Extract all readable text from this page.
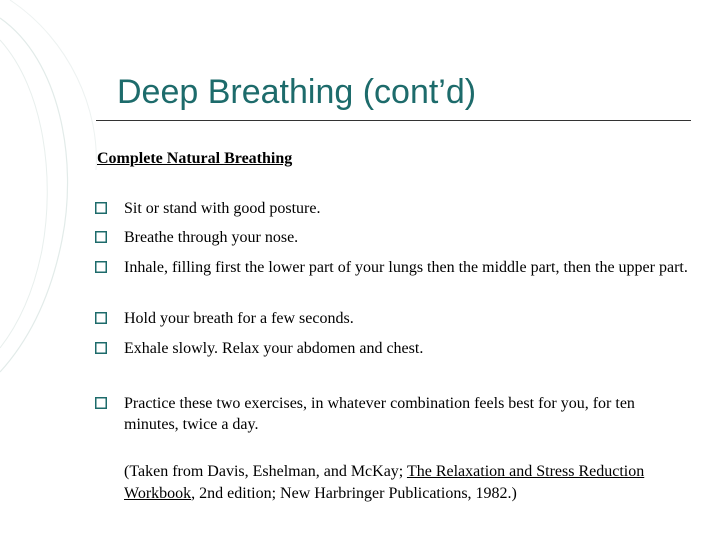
Deep Breathing (cont’d)

Complete Natural Breathing

Sit or stand with good posture.
Breathe through your nose.
Inhale, filling first the lower part of your lungs then the middle part, then the upper part.
Hold your breath for a few seconds.
Exhale slowly. Relax your abdomen and chest.
Practice these two exercises, in whatever combination feels best for you, for ten minutes, twice a day.

(Taken from Davis, Eshelman, and McKay; The Relaxation and Stress Reduction Workbook, 2nd edition; New Harbringer Publications, 1982.)
